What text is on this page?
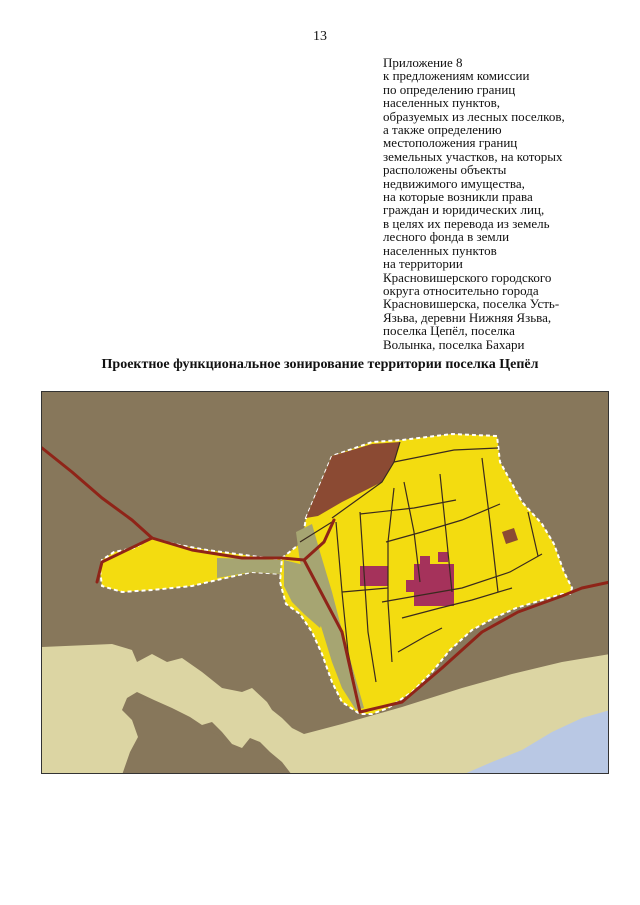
13
Приложение 8
к предложениям комиссии
по определению границ
населенных пунктов,
образуемых из лесных поселков,
а также определению
местоположения границ
земельных участков, на которых
расположены объекты
недвижимого имущества,
на которые возникли права
граждан и юридических лиц,
в целях их перевода из земель
лесного фонда в земли
населенных пунктов
на территории
Красновишерского городского
округа относительно города
Красновишерска, поселка Усть-
Язьва, деревни Нижняя Язьва,
поселка Цепёл, поселка
Волынка, поселка Бахари
Проектное функциональное зонирование территории поселка Цепёл
